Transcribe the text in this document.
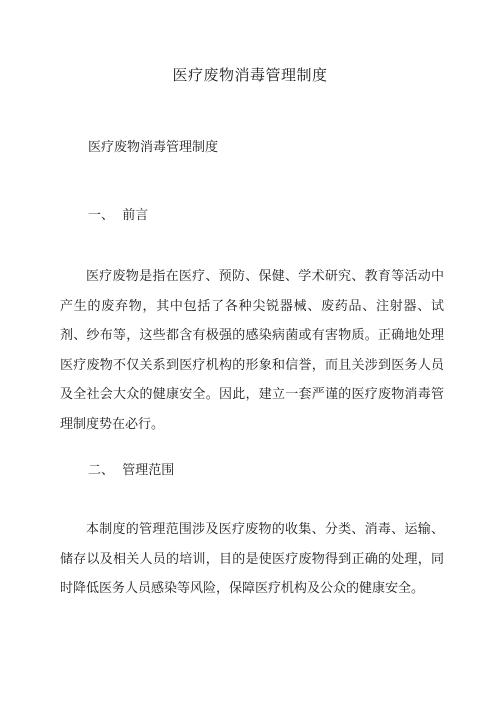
医疗废物消毒管理制度
医疗废物消毒管理制度
一、  前言
医疗废物是指在医疗、预防、保健、学术研究、教育等活动中产生的废弃物，其中包括了各种尖锐器械、废药品、注射器、试剂、纱布等，这些都含有极强的感染病菌或有害物质。正确地处理医疗废物不仅关系到医疗机构的形象和信誉，而且关涉到医务人员及全社会大众的健康安全。因此，建立一套严谨的医疗废物消毒管理制度势在必行。
二、  管理范围
本制度的管理范围涉及医疗废物的收集、分类、消毒、运输、储存以及相关人员的培训，目的是使医疗废物得到正确的处理，同时降低医务人员感染等风险，保障医疗机构及公众的健康安全。
